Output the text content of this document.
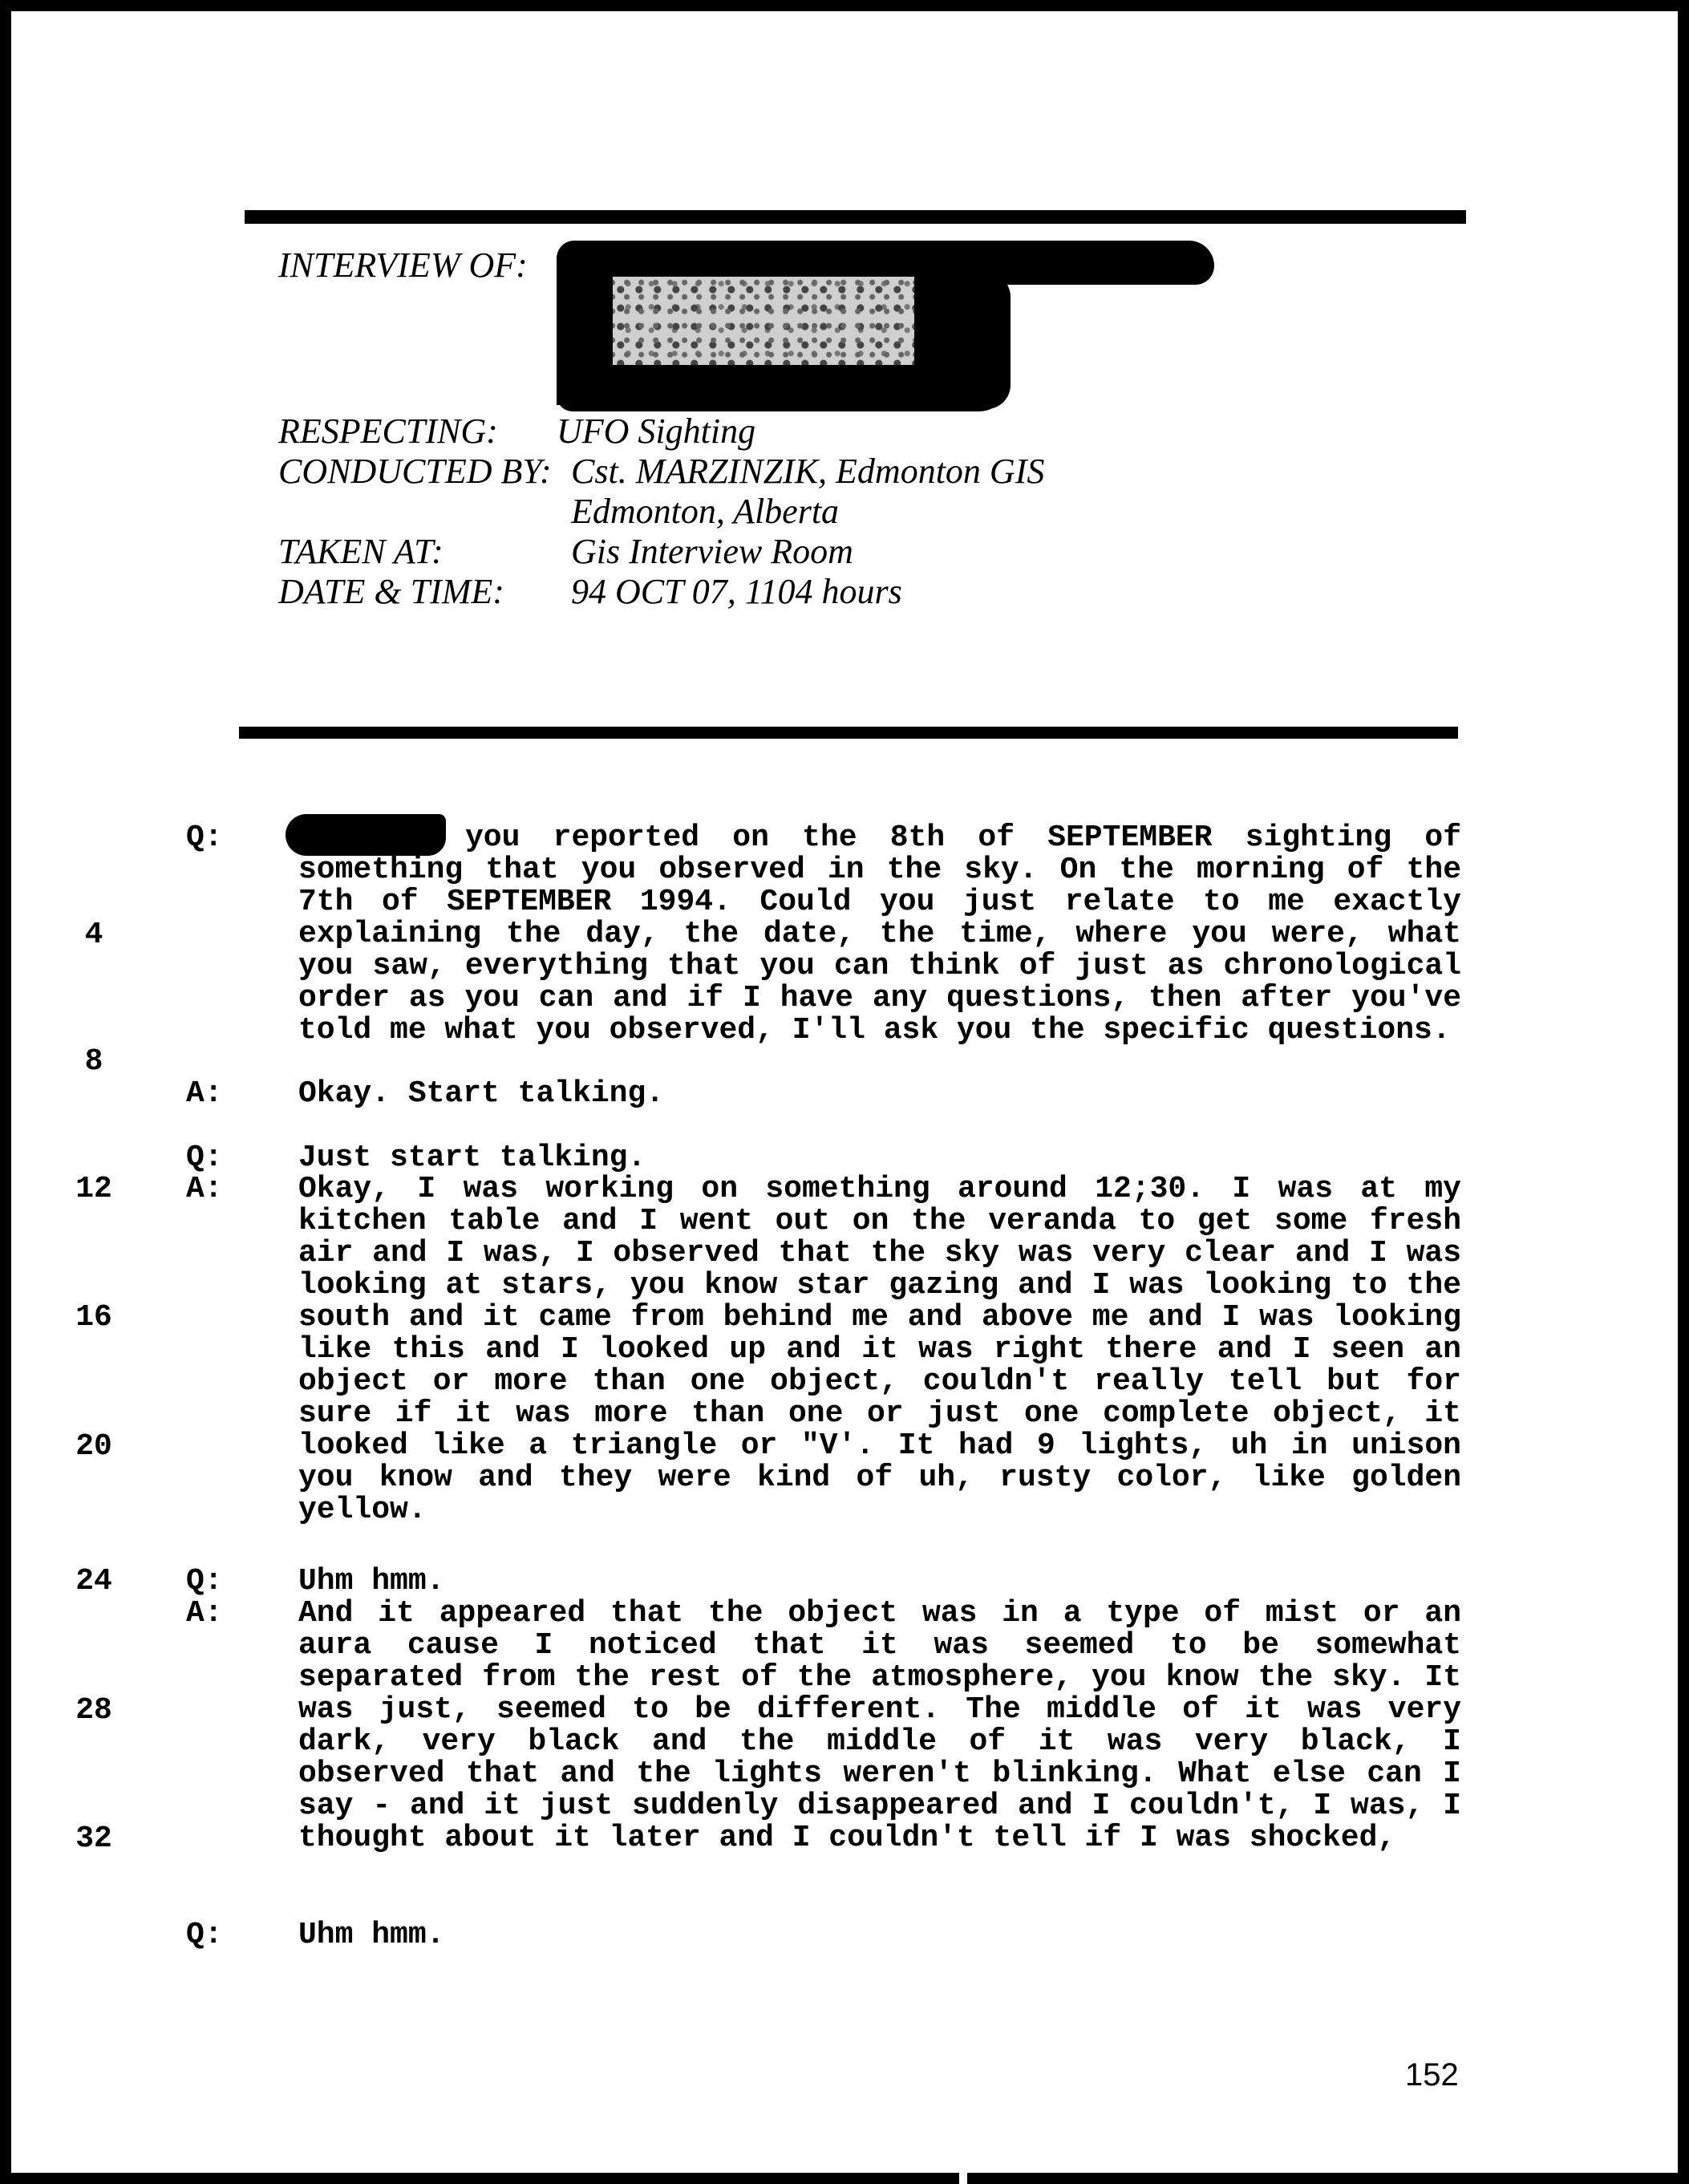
INTERVIEW OF:
RESPECTING: UFO Sighting
CONDUCTED BY: Cst. MARZINZIK, Edmonton GIS
Edmonton, Alberta
TAKEN AT:	Gis Interview Room
DATE & TIME: 94 OCT 07, 1104 hours
4
8
12
16
20
24
28
32
Q:	you reported on the 8th of SEPTEMBER sighting of something that you observed in the sky. On the morning of the 7th of SEPTEMBER 1994. Could you just relate to me exactly explaining the day, the date, the time, where you were, what you saw, everything that you can think of just as chronological order as you can and if I have any questions, then after you've told me what you observed, I'll ask you the specific questions.
A:	Okay. Start talking.
Q:	Just start talking.
A:	Okay, I was working on something around 12;30. I was at my kitchen table and I went out on the veranda to get some fresh air and I was, I observed that the sky was very clear and I was looking at stars, you know star gazing and I was looking to the south and it came from behind me and above me and I was looking like this and I looked up and it was right there and I seen an object or more than one object, couldn't really tell but for sure if it was more than one or just one complete object, it looked like a triangle or "V'. It had 9 lights, uh in unison you know and they were kind of uh, rusty color, like golden yellow.
Q:	Uhm hmm.
A:	And it appeared that the object was in a type of mist or an aura cause I noticed that it was seemed to be somewhat separated from the rest of the atmosphere, you know the sky. It was just, seemed to be different. The middle of it was very dark, very black and the middle of it was very black, I observed that and the lights weren't blinking. What else can I say - and it just suddenly disappeared and I couldn't, I was, I thought about it later and I couldn't tell if I was shocked,
Q:	Uhm hmm.
152
